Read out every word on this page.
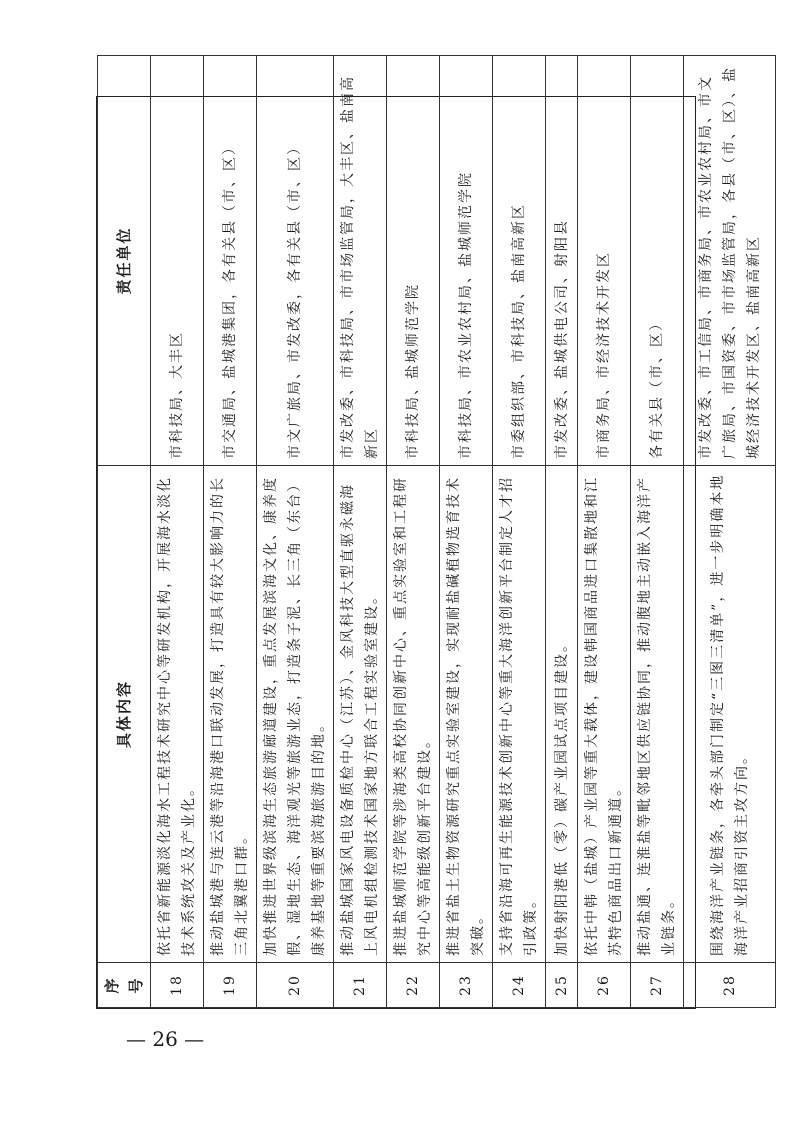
序号	具体内容	责任单位
18	依托省新能源淡化海水工程技术研究中心等研发机构，开展海水淡化技术系统攻关及产业化。	市科技局、大丰区
19	推动盐城港与连云港等沿海港口联动发展，打造具有较大影响力的长三角北翼港口群。	市交通局、盐城港集团，各有关县（市、区）
20	加快推进世界级滨海生态旅游廊道建设，重点发展滨海文化、康养度假、湿地生态、海洋观光等旅游业态，打造条子泥、长三角（东台）康养基地等重要滨海旅游目的地。	市文广旅局、市发改委，各有关县（市、区）
21	推动盐城国家风电设备质检中心（江苏）、金风科技大型直驱永磁海上风电机组检测技术国家地方联合工程实验室建设。	市发改委、市科技局、市市场监管局，大丰区、盐南高新区
22	推进盐城师范学院等涉海类高校协同创新中心、重点实验室和工程研究中心等高能级创新平台建设。	市科技局、盐城师范学院
23	推进省盐土生物资源研究重点实验室建设，实现耐盐碱植物选育技术突破。	市科技局、市农业农村局、盐城师范学院
24	支持省沿海可再生能源技术创新中心等重大海洋创新平台制定人才招引政策。	市委组织部、市科技局、盐南高新区
25	加快射阳港低（零）碳产业园试点项目建设。	市发改委、盐城供电公司、射阳县
26	依托中韩（盐城）产业园等重大载体，建设韩国商品进口集散地和江苏特色商品出口新通道。	市商务局、市经济技术开发区
27	推动盐通、连淮盐等毗邻地区供应链协同，推动腹地主动嵌入海洋产业链条。	各有关县（市、区）
28	围绕海洋产业链条，各牵头部门制定“三图三清单”，进一步明确本地海洋产业招商引资主攻方向。	市发改委、市工信局、市商务局、市农业农村局、市文广旅局、市国资委、市市场监管局，各县（市、区）、盐城经济技术开发区、盐南高新区
— 26 —
